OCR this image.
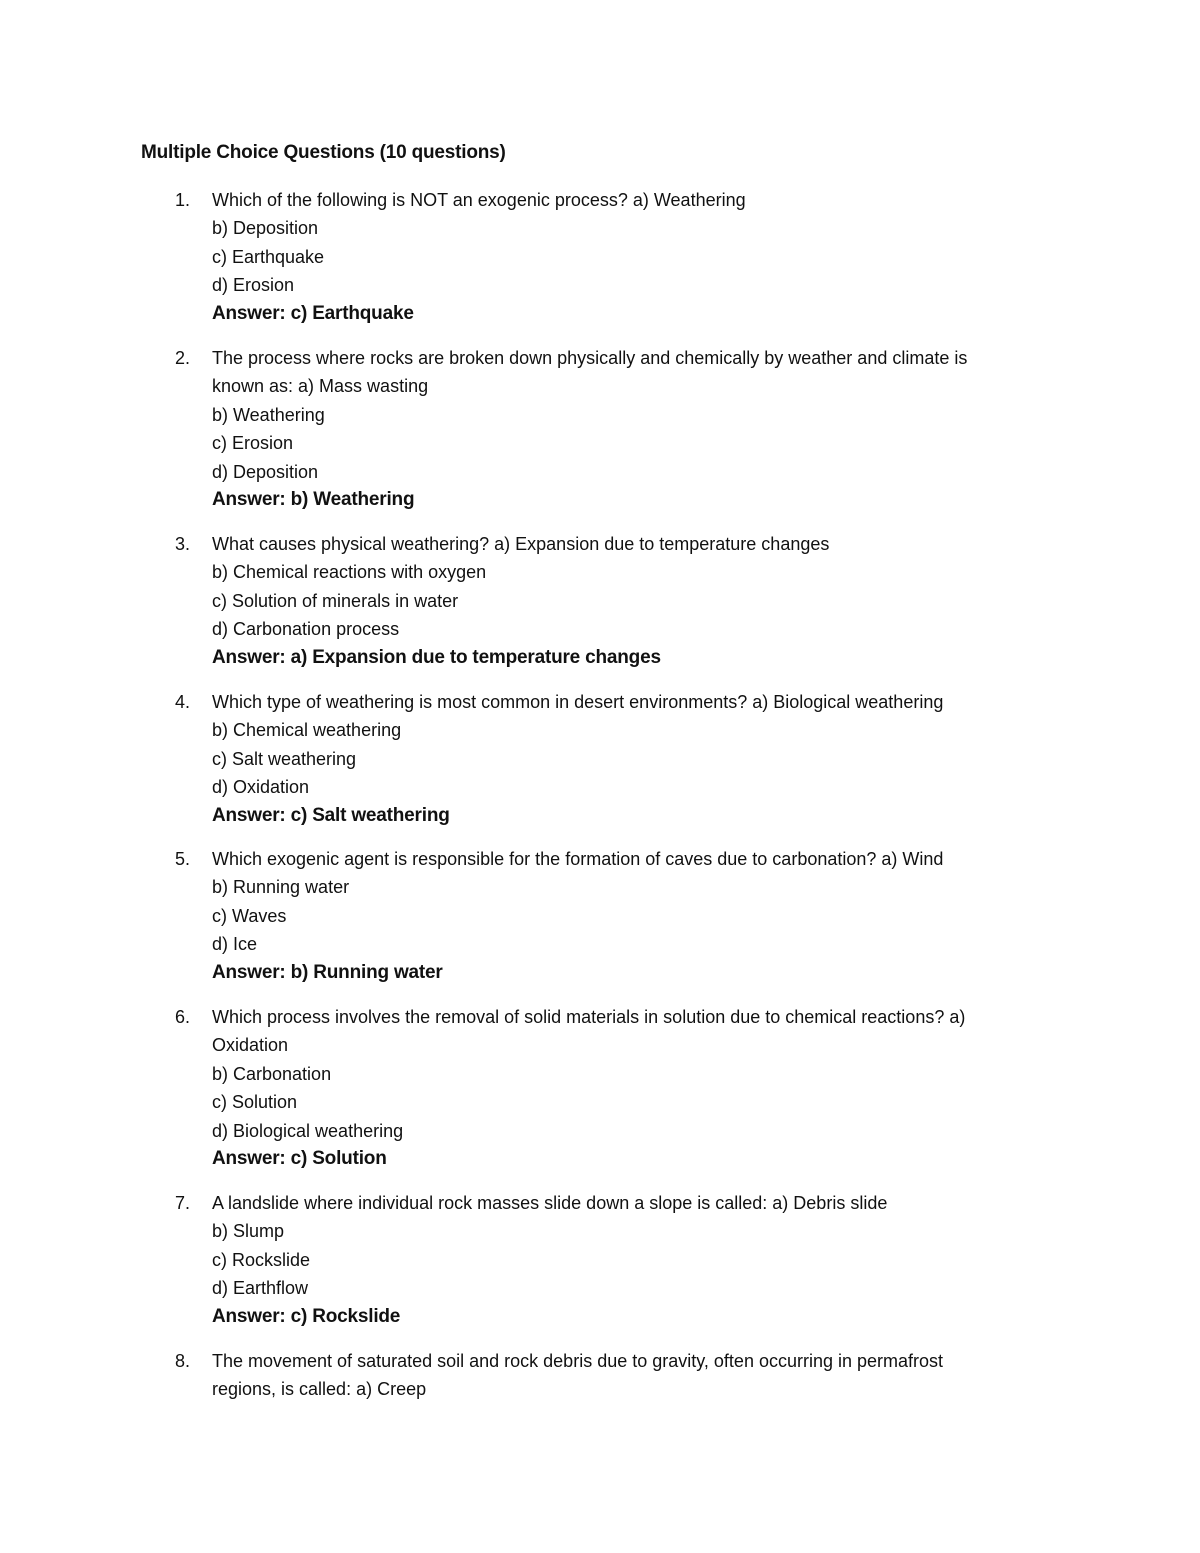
Multiple Choice Questions (10 questions)
1. Which of the following is NOT an exogenic process? a) Weathering
b) Deposition
c) Earthquake
d) Erosion
Answer: c) Earthquake
2. The process where rocks are broken down physically and chemically by weather and climate is
known as: a) Mass wasting
b) Weathering
c) Erosion
d) Deposition
Answer: b) Weathering
3. What causes physical weathering? a) Expansion due to temperature changes
b) Chemical reactions with oxygen
c) Solution of minerals in water
d) Carbonation process
Answer: a) Expansion due to temperature changes
4. Which type of weathering is most common in desert environments? a) Biological weathering
b) Chemical weathering
c) Salt weathering
d) Oxidation
Answer: c) Salt weathering
5. Which exogenic agent is responsible for the formation of caves due to carbonation? a) Wind
b) Running water
c) Waves
d) Ice
Answer: b) Running water
6. Which process involves the removal of solid materials in solution due to chemical reactions? a)
Oxidation
b) Carbonation
c) Solution
d) Biological weathering
Answer: c) Solution
7. A landslide where individual rock masses slide down a slope is called: a) Debris slide
b) Slump
c) Rockslide
d) Earthflow
Answer: c) Rockslide
8. The movement of saturated soil and rock debris due to gravity, often occurring in permafrost
regions, is called: a) Creep
